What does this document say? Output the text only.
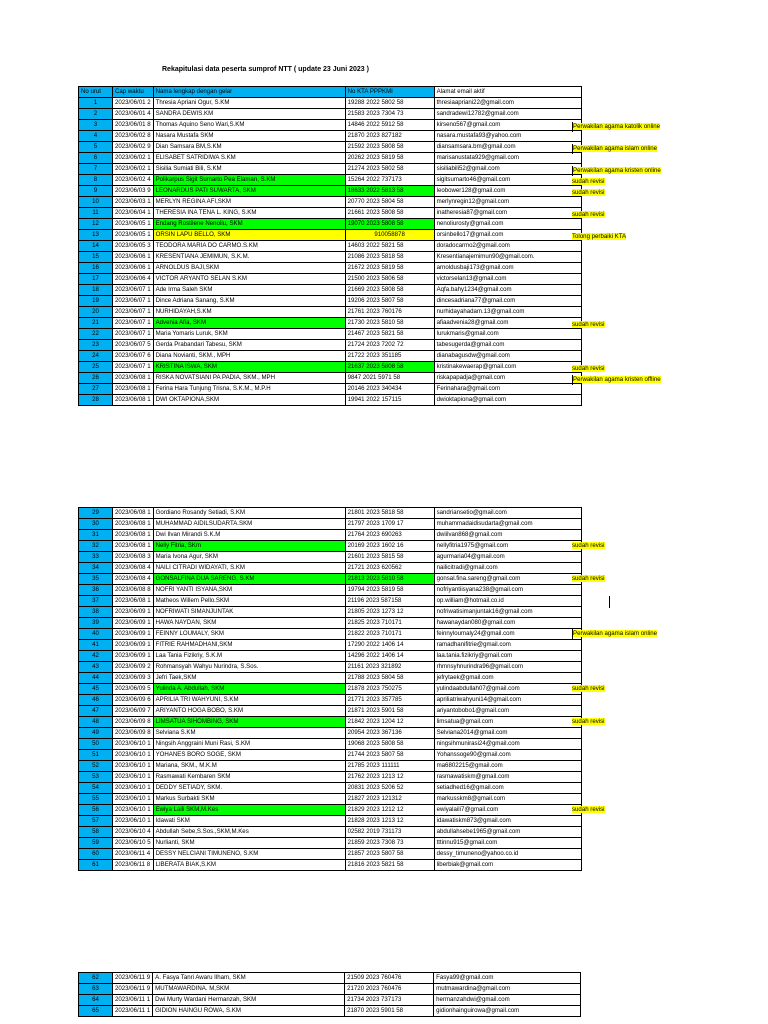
Rekapitulasi data peserta sumprof NTT ( update 23 Juni 2023 )
No urut	Cap waktu	Nama lengkap dengan gelar	No KTA PPPKMI	Alamat email aktif
1	2023/06/01 2	Thresia Apriani Ogur, S.KM	19288 2022 5802 58	thresiaapriani22@gmail.com
2	2023/06/01 4	SANDRA DEWIS.KM	21583 2023 7304 73	sandradewi12782@gmail.com
3	2023/06/01 8	Thomas Aquino Seno Wari,S.KM	14846 2022 5912 58	kirseno567@gmail.com
4	2023/06/02 8	Nasara Mustafa SKM	21870 2023 827182	nasara.mustafa93@yahoo.com
5	2023/06/02 9	Dian Samsara BM,S.KM	21592 2023 5808 58	diansamsara.bm@gmail.com
6	2023/06/02 1	ELISABET SATRIDIWA S.KM	20262 2023 5819 58	marisanustata929@gmail.com
7	2023/06/02 1	Sisilia Sumiati Bili, S.KM	21274 2023 5802 58	sisiliabili52@gmail.com
8	2023/06/02 4	Polikarpus Sigit Sumarto Pea Elaman, S.KM	15264 2022 737173	sigitsumarto46@gmail.com
9	2023/06/03 9	LEONARDUS PATI SUWARTA, SKM	18633 2022 5813 58	leobower128@gmail.com
10	2023/06/03 1	MERLYN REGINA AFI,SKM	20770 2023 5804 58	merlynregin12@gmail.com
11	2023/06/04 1	THERESIA INA TENA L. KING, S.KM	21661 2023 5808 58	inatheresia87@gmail.com
12	2023/06/05 1	Endang Rostilene Nenoliu, SKM	19070 2023 5808 58	nenoliurosty@gmail.com
13	2023/06/05 1	ORSIN LAPU BELLO, SKM	910058878	orsinbello17@gmail.com
14	2023/06/05 3	TEODORA MARIA DO CARMO.S.KM	14603 2022 5821 58	doradocarmo2@gmail.com
15	2023/06/06 1	KRESENTIANA JEMIMUN, S.K.M.	21086 2023 5818 58	Kresentianajemimun90@gmail.com.
16	2023/06/06 1	ARNOLDUS BAJI,SKM	21672 2023 5819 58	arnoldusbaji173@gmail.com
17	2023/06/06 4	VICTOR ARYANTO SELAN S.KM	21500 2023 5806 58	victorselan13@gmail.com
18	2023/06/07 1	Ade Irma Saleh SKM	21669 2023 5808 58	Aqfa.bahy1234@gmail.com
19	2023/06/07 1	Dince Adriana Sanang, S.KM	19206 2023 5807 58	dincesadriana77@gmail.com
20	2023/06/07 1	NURHIDAYAH,S.KM	21761 2023 760176	nurhidayahadam.13@gmail.com
21	2023/06/07 1	Advenia Afia, SKM	21730 2023 5810 58	afiaadvenia28@gmail.com
22	2023/06/07 1	Maria Yomaris Luruk, SKM	21467 2023 5821 58	lurukmaris@gmail.com
23	2023/06/07 5	Gerda Prabandari Tabesu, SKM	21724 2023 7202 72	tabesugerda@gmail.com
24	2023/06/07 6	Diana Novianti, SKM., MPH	21722 2023 351185	dianabagusdw@gmail.com
25	2023/06/07 1	KRISTINA ISWA, SKM	21637 2023 5808 58	kristinakewaerap@gmail.com
26	2023/06/08 1	RISKA NOVATSIANI PA PADIA, SKM., MPH	9847 2021 5971 58	riskapapadja@gmail.com
27	2023/06/08 1	Ferina Hara Tunjung Trisna, S.K.M., M.P.H	20146 2023 340434	Ferinahara@gmail.com
28	2023/06/08 1	DWI OKTAPIONA,SKM	19941 2022 157115	dwioktapiona@gmail.com
29	2023/06/08 1	Gordiano Rosandy Setiadi, S.KM	21801 2023 5818 58	sandriansetio@gmail.com
30	2023/06/08 1	MUHAMMAD AIDILSUDARTA.SKM	21797 2023 1709 17	muhammadaidisudarta@gmail.com
31	2023/06/08 1	Dwi Ilvan Mirandi S.K.M	21764 2023 690263	dwiilvan868@gmail.com
32	2023/06/08 1	Nelly Fitria, SKm	20169 2023 1602 16	nellyfitria1975@gmail.com
33	2023/06/08 3	Maria Ivona Agur, SKM	21601 2023 5815 58	agurmaria04@gmail.com
34	2023/06/08 4	NAILI CITRADI WIDAYATI, S.KM	21721 2023 620562	nailicitradi@gmail.com
35	2023/06/08 4	GONSALFINA DUA SARENG, S.KM	21813 2023 5810 58	gonsal.fina.sareng@gmail.com
36	2023/06/08 8	NOFRI YANTI ISYANA,SKM	19794 2023 5819 58	nofriyantiisyana238@gmail.com
37	2023/06/08 1	Matheos Willem Pello.SKM	21196 2023 587158	op.william@hotmail.co.id
38	2023/06/09 1	NOFRIWATI SIMANJUNTAK	21805 2023 1273 12	nofriwatisimanjuntak16@gmail.com
39	2023/06/09 1	HAWA NAYDAN, SKM	21825 2023 710171	hawanaydan080@gmail.com
40	2023/06/09 1	FEINNY LOUMALY, SKM	21822 2023 710171	feinnyloumaly24@gmail.com
41	2023/06/09 1	FITRIE RAHMADHANI,SKM	17290 2022 1406 14	ramadhanifitrie@gmail.com
42	2023/06/09 1	Laa Tania Fizikriy, S.K.M	14296 2022 1406 14	laa.tania.fizikriy@gmail.com
43	2023/06/09 2	Rohmansyah Wahyu Nurindra, S.Sos.	21161 2023 321892	rhmnsyhnurindra96@gmail.com
44	2023/06/09 3	Jefri Taek,SKM	21788 2023 5804 58	jefrytaek@gmail.com
45	2023/06/09 5	Yulinda A. Abdullah, SKM	21878 2023 750275	yulindaabdullah07@gmail.com
46	2023/06/09 6	APRILIA TRI WAHYUNI, S.KM	21771 2023 357785	apriliatriwahyuni14@gmail.com
47	2023/06/09 7	ARIYANTO HOGA BOBO, S.KM	21871 2023 5901 58	ariyantobobo1@gmail.com
48	2023/06/09 8	LIMSATUA SIHOMBING, SKM	21842 2023 1204 12	limsatua@gmail.com
49	2023/06/09 8	Selviana S.KM	20954 2023 367136	Selviana2014@gmail.com
50	2023/06/10 1	Ningsih Anggraini Muni Rasi, S.KM	19068 2023 5808 58	ningsihmunirasi24@gmail.com
51	2023/06/10 1	YOHANES BORO SOGE, SKM	21744 2023 5807 58	Yohanssoge90@gmail.com
52	2023/06/10 1	Mariana, SKM., M.K.M	21785 2023 111111	ma6802215@gmail.com
53	2023/06/10 1	Rasmawati Kembaren SKM	21762 2023 1213 12	rasmawatiskm@gmail.com
54	2023/06/10 1	DEDDY SETIADY, SKM.	20831 2023 5206 52	setiadhed16@gmail.com
55	2023/06/10 1	Markus Surbakti SKM	21827 2023 121312	markusskm8@gmail.com
56	2023/06/10 1	Ewiya Laili SKM,M.Kes	21829 2023 1212 12	ewiyalaili7@gmail.com
57	2023/06/10 1	Idawati SKM	21828 2023 1213 12	idawatiskm873@gmail.com
58	2023/06/10 4	Abdullah Sebe,S.Sos.,SKM,M.Kes	02582 2019 731173	abdullahsebe1965@gmail.com
59	2023/06/10 5	Nurlianti, SKM	21859 2023 7308 73	tttinnu915@gmail.com
60	2023/06/11 4	DESSY NELCIANI TIMUNENO, S.KM	21857 2023 5807 58	dessy_timuneno@yahoo.co.id
61	2023/06/11 8	LIBERATA BIAK,S.KM	21816 2023 5821 58	liberbiak@gmail.com
62	2023/06/11 9	A. Fasya Tanri Awaru Ilham, SKM	21509 2023 760476	Fasya99@gmail.com
63	2023/06/11 9	MUTMAWARDINA. M,SKM	21720 2023 760476	mutmawardina@gmail.com
64	2023/06/11 1	Dwi Murty Wardani Hermanzah, SKM	21734 2023 737173	hermanzahdwi@gmail.com
65	2023/06/11 1	GIDION HAINGU ROWA, S.KM	21870 2023 5901 58	gidionhainguirowa@gmail.com
Perwakilan agama katolik online
Perwakilan agama islam online
Perwakilan agama kristen online
sudah revisi
sudah revisi
sudah revisi
Tolong perbaiki KTA
sudah revisi
sudah revisi
Perwakilan agama kristen offline
sudah revisi
sudah revisi
Perwakilan agama islam online
sudah revisi
sudah revisi
sudah revisi
